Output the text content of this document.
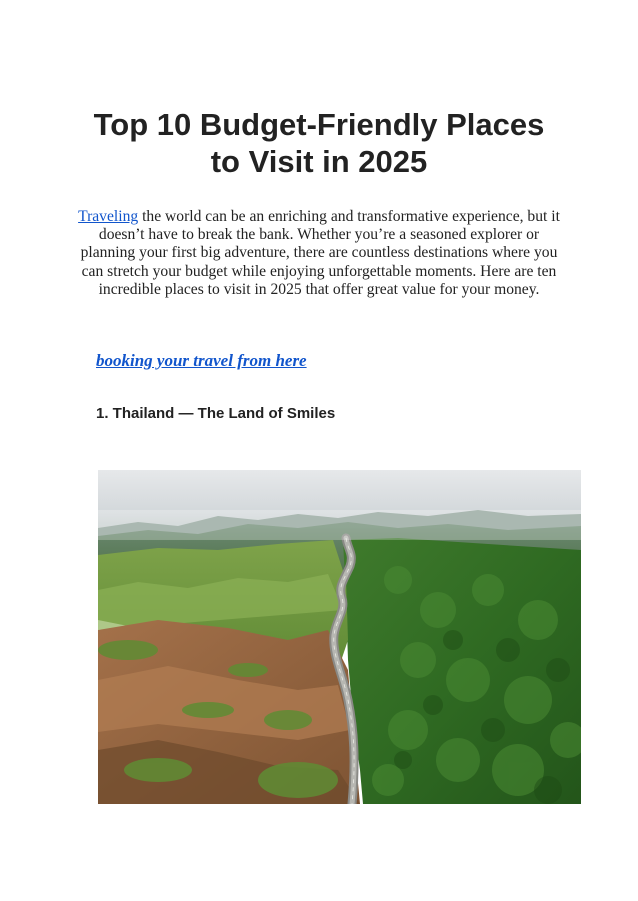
Top 10 Budget-Friendly Places
to Visit in 2025

Traveling the world can be an enriching and transformative experience, but it doesn’t have to break the bank. Whether you’re a seasoned explorer or planning your first big adventure, there are countless destinations where you can stretch your budget while enjoying unforgettable moments. Here are ten incredible places to visit in 2025 that offer great value for your money.

booking your travel from here
1. Thailand — The Land of Smiles
